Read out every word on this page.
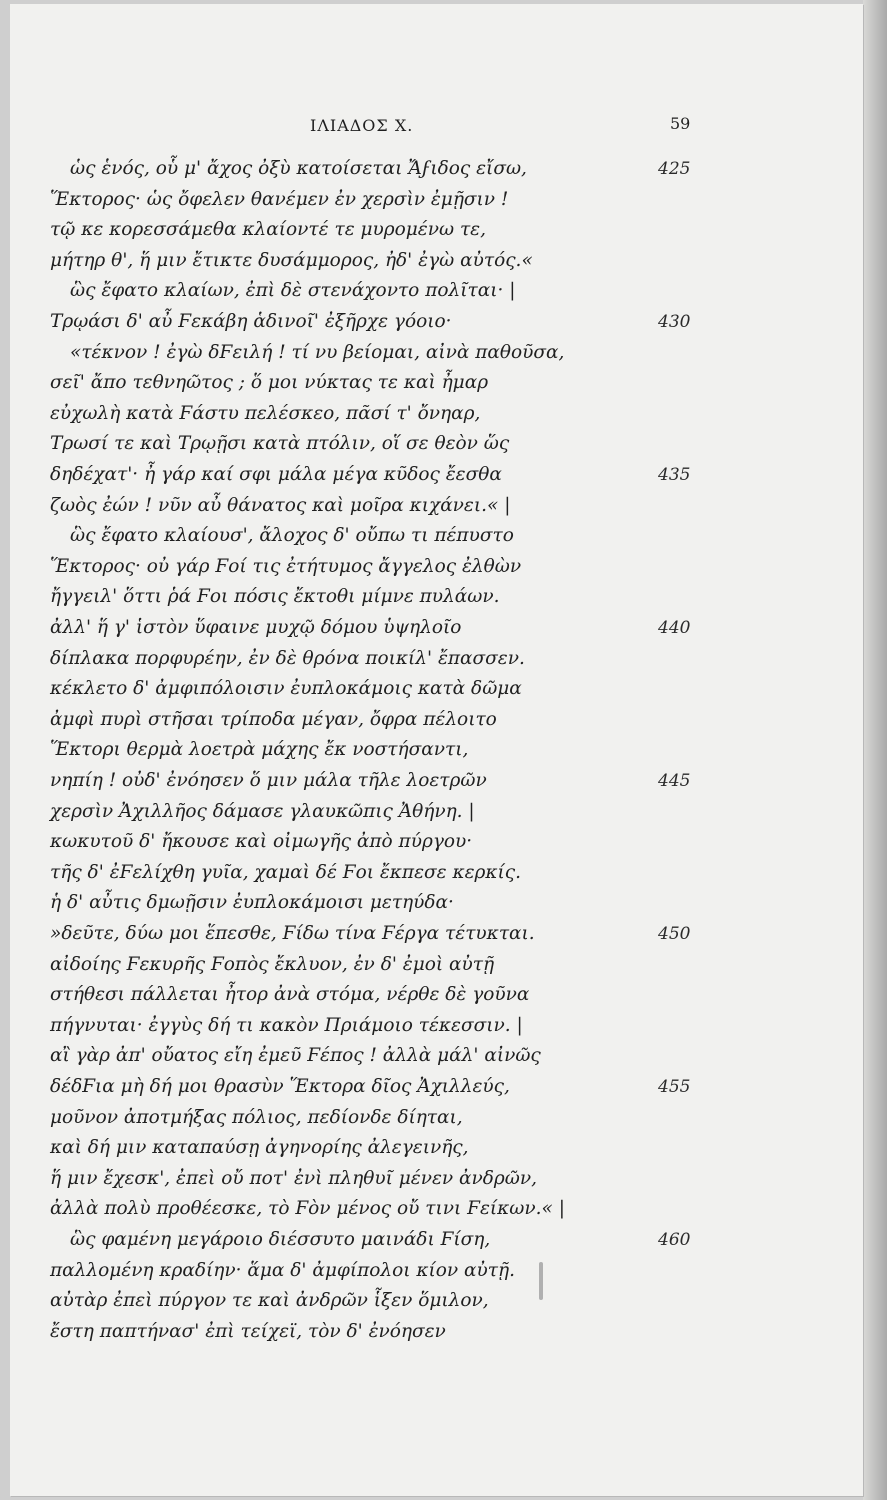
ΙΛΙΑΔΟΣ Χ.	59
ὡς ἑνός, οὗ μ' ἄχος ὀξὺ κατοίσεται Ἄϝιδος εἴσω,	425
Ἕκτορος· ὡς ὄφελεν θανέμεν ἐν χερσὶν ἐμῇσιν !
τῷ κε κορεσσάμεθα κλαίοντέ τε μυρομένω τε,
μήτηρ θ', ἥ μιν ἔτικτε δυσάμμορος, ἠδ' ἐγὼ αὐτός.«
ὣς ἔφατο κλαίων, ἐπὶ δὲ στενάχοντο πολῖται· |
Τρῳάσι δ' αὖ Ϝεκάβη ἁδινοῖ' ἐξῆρχε γόοιο·	430
«τέκνον ! ἐγὼ δϜειλή ! τί νυ βείομαι, αἰνὰ παθοῦσα,
σεῖ' ἄπο τεθνηῶτος ; ὅ μοι νύκτας τε καὶ ἦμαρ
εὐχωλὴ κατὰ Ϝάστυ πελέσκεο, πᾶσί τ' ὄνηαρ,
Τρωσί τε καὶ Τρῳῇσι κατὰ πτόλιν, οἵ σε θεὸν ὥς
δηδέχατ'· ἦ γάρ καί σφι μάλα μέγα κῦδος ἔεσθα	435
ζωὸς ἐών ! νῦν αὖ θάνατος καὶ μοῖρα κιχάνει.« |
ὣς ἔφατο κλαίουσ', ἄλοχος δ' οὔπω τι πέπυστο
Ἕκτορος· οὐ γάρ Ϝοί τις ἐτήτυμος ἄγγελος ἐλθὼν
ἤγγειλ' ὅττι ῥά Ϝοι πόσις ἔκτοθι μίμνε πυλάων.
ἀλλ' ἥ γ' ἱστὸν ὕφαινε μυχῷ δόμου ὑψηλοῖο	440
δίπλακα πορφυρέην, ἐν δὲ θρόνα ποικίλ' ἔπασσεν.
κέκλετο δ' ἀμφιπόλοισιν ἐυπλοκάμοις κατὰ δῶμα
ἀμφὶ πυρὶ στῆσαι τρίποδα μέγαν, ὄφρα πέλοιτο
Ἕκτορι θερμὰ λοετρὰ μάχης ἔκ νοστήσαντι,
νηπίη ! οὐδ' ἐνόησεν ὅ μιν μάλα τῆλε λοετρῶν	445
χερσὶν Ἀχιλλῆος δάμασε γλαυκῶπις Ἀθήνη. |
κωκυτοῦ δ' ἤκουσε καὶ οἰμωγῆς ἀπὸ πύργου·
τῆς δ' ἐϜελίχθη γυῖα, χαμαὶ δέ Ϝοι ἔκπεσε κερκίς.
ἡ δ' αὖτις δμωῇσιν ἐυπλοκάμοισι μετηύδα·
»δεῦτε, δύω μοι ἕπεσθε, Ϝίδω τίνα Ϝέργα τέτυκται.	450
αἰδοίης Ϝεκυρῆς Ϝοπὸς ἔκλυον, ἐν δ' ἐμοὶ αὐτῇ
στήθεσι πάλλεται ἦτορ ἀνὰ στόμα, νέρθε δὲ γοῦνα
πήγνυται· ἐγγὺς δή τι κακὸν Πριάμοιο τέκεσσιν. |
αἲ γὰρ ἀπ' οὔατος εἴη ἐμεῦ Ϝέπος ! ἀλλὰ μάλ' αἰνῶς
δέδϜια μὴ δή μοι θρασὺν Ἕκτορα δῖος Ἀχιλλεύς,	455
μοῦνον ἀποτμήξας πόλιος, πεδίονδε δίηται,
καὶ δή μιν καταπαύσῃ ἀγηνορίης ἀλεγεινῆς,
ἥ μιν ἔχεσκ', ἐπεὶ οὔ ποτ' ἐνὶ πληθυῖ μένεν ἀνδρῶν,
ἀλλὰ πολὺ προθέεσκε, τὸ Ϝὸν μένος οὔ τινι Ϝείκων.« |
ὣς φαμένη μεγάροιο διέσσυτο μαινάδι Ϝίση,	460
παλλομένη κραδίην· ἅμα δ' ἀμφίπολοι κίον αὐτῇ.
αὐτὰρ ἐπεὶ πύργον τε καὶ ἀνδρῶν ἷξεν ὅμιλον,
ἔστη παπτήνασ' ἐπὶ τείχεϊ, τὸν δ' ἐνόησεν
